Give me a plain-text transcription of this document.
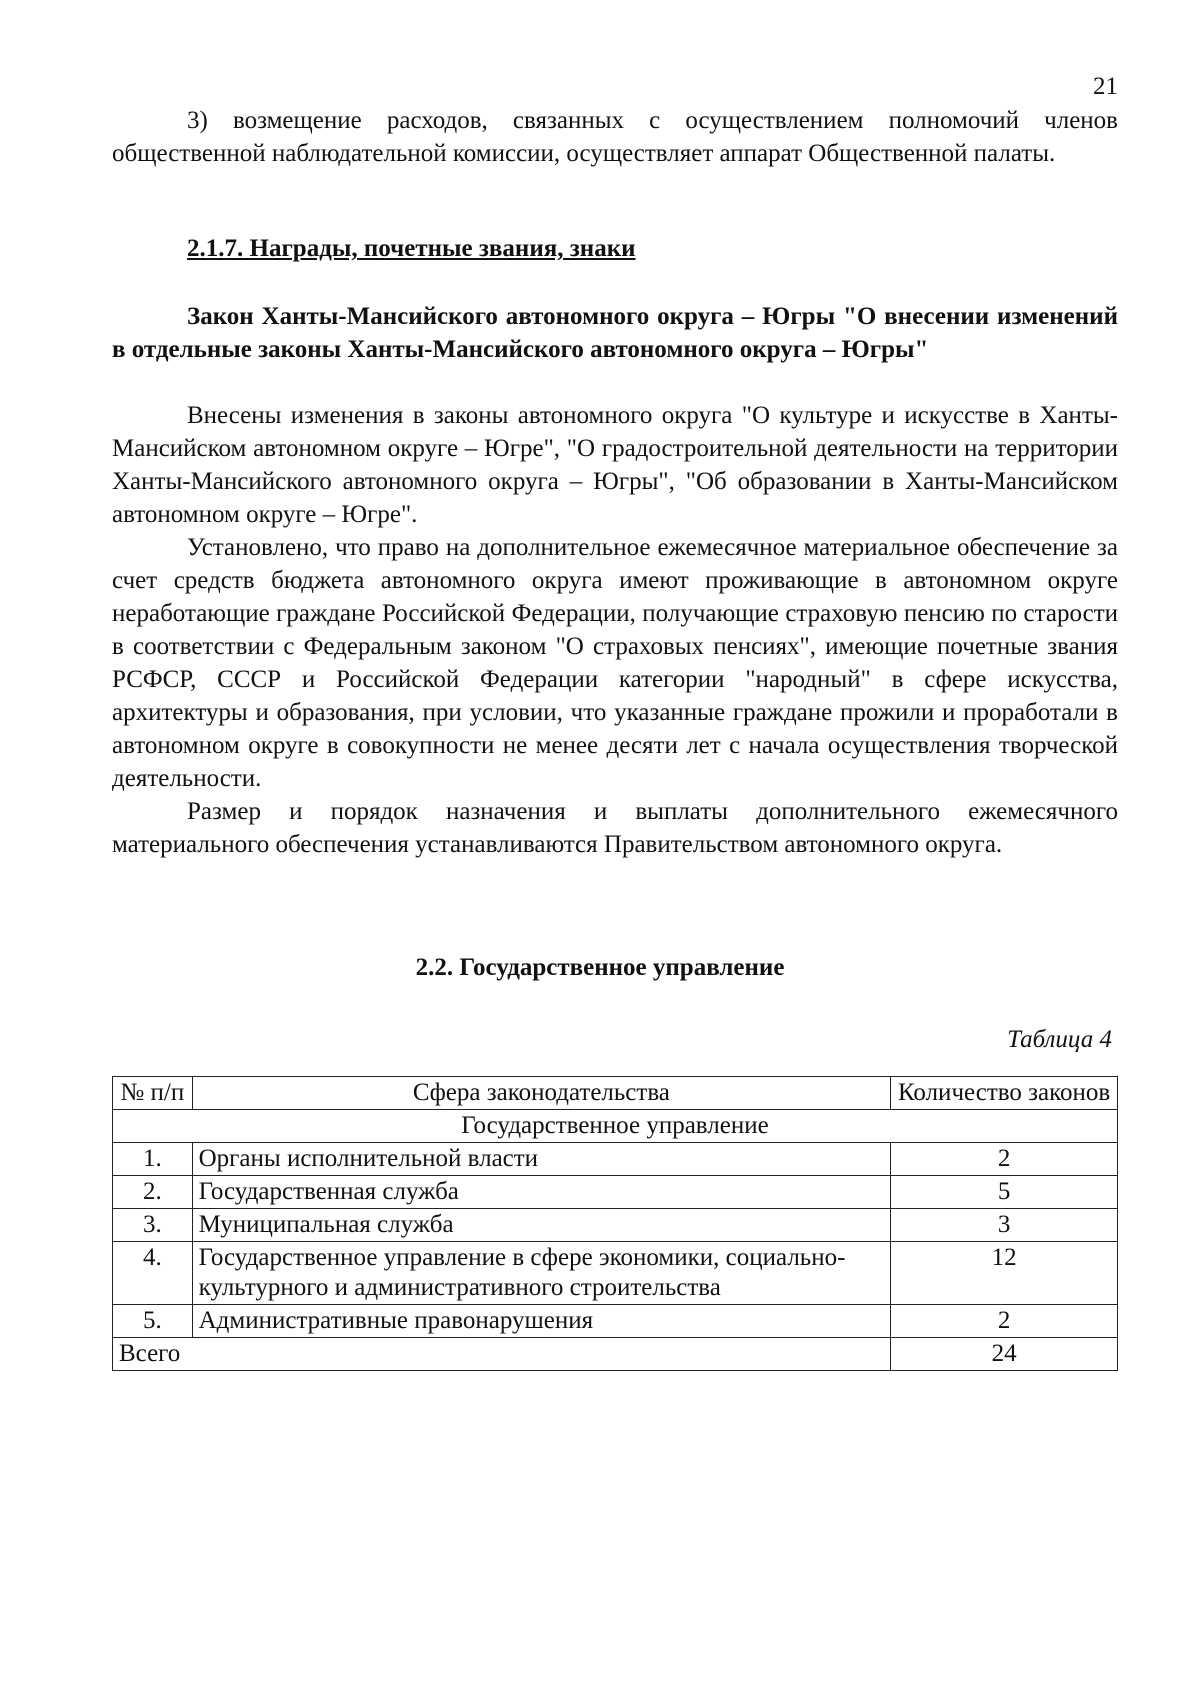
21

3) возмещение расходов, связанных с осуществлением полномочий членов общественной наблюдательной комиссии, осуществляет аппарат Общественной палаты.

2.1.7. Награды, почетные звания, знаки
Закон Ханты-Мансийского автономного округа – Югры "О внесении изменений в отдельные законы Ханты-Мансийского автономного округа – Югры"

Внесены изменения в законы автономного округа "О культуре и искусстве в Ханты-Мансийском автономном округе – Югре", "О градостроительной деятельности на территории Ханты-Мансийского автономного округа – Югры", "Об образовании в Ханты-Мансийском автономном округе – Югре".

Установлено, что право на дополнительное ежемесячное материальное обеспечение за счет средств бюджета автономного округа имеют проживающие в автономном округе неработающие граждане Российской Федерации, получающие страховую пенсию по старости в соответствии с Федеральным законом "О страховых пенсиях", имеющие почетные звания РСФСР, СССР и Российской Федерации категории "народный" в сфере искусства, архитектуры и образования, при условии, что указанные граждане прожили и проработали в автономном округе в совокупности не менее десяти лет с начала осуществления творческой деятельности.

Размер и порядок назначения и выплаты дополнительного ежемесячного материального обеспечения устанавливаются Правительством автономного округа.

2.2. Государственное управление
Таблица 4
№ п/п	Сфера законодательства	Количество законов
Государственное управление		
1.	Органы исполнительной власти	2
2.	Государственная служба	5
3.	Муниципальная служба	3
4.	Государственное управление в сфере экономики, социально-культурного и административного строительства	12
5.	Административные правонарушения	2
Всего		24
